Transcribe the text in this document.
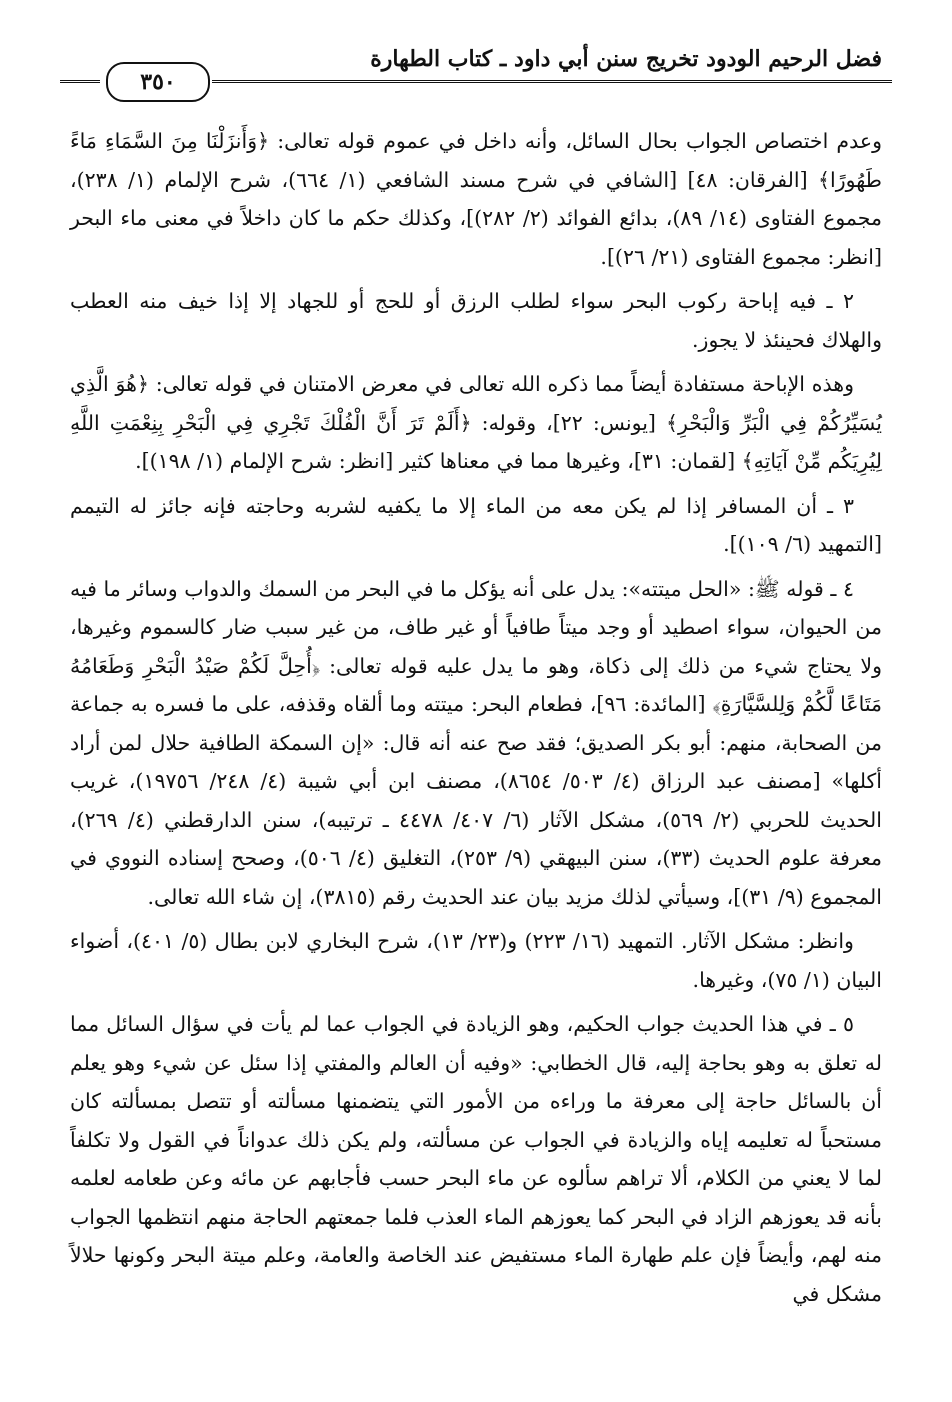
فضل الرحيم الودود تخريج سنن أبي داود ـ كتاب الطهارة
٣٥٠

وعدم اختصاص الجواب بحال السائل، وأنه داخل في عموم قوله تعالى: ﴿وَأَنزَلْنَا مِنَ السَّمَاءِ مَاءً طَهُورًا﴾ [الفرقان: ٤٨] [الشافي في شرح مسند الشافعي (١/ ٦٦٤)، شرح الإلمام (١/ ٢٣٨)، مجموع الفتاوى (١٤/ ٨٩)، بدائع الفوائد (٢/ ٢٨٢)]، وكذلك حكم ما كان داخلاً في معنى ماء البحر [انظر: مجموع الفتاوى (٢١/ ٢٦)].

٢ ـ فيه إباحة ركوب البحر سواء لطلب الرزق أو للحج أو للجهاد إلا إذا خيف منه العطب والهلاك فحينئذ لا يجوز.

وهذه الإباحة مستفادة أيضاً مما ذكره الله تعالى في معرض الامتنان في قوله تعالى: ﴿هُوَ الَّذِي يُسَيِّرُكُمْ فِي الْبَرِّ وَالْبَحْرِ﴾ [يونس: ٢٢]، وقوله: ﴿أَلَمْ تَرَ أَنَّ الْفُلْكَ تَجْرِي فِي الْبَحْرِ بِنِعْمَتِ اللَّهِ لِيُرِيَكُم مِّنْ آيَاتِهِ﴾ [لقمان: ٣١]، وغيرها مما في معناها كثير [انظر: شرح الإلمام (١/ ١٩٨)].

٣ ـ أن المسافر إذا لم يكن معه من الماء إلا ما يكفيه لشربه وحاجته فإنه جائز له التيمم [التمهيد (٦/ ١٠٩)].

٤ ـ قوله ﷺ: «الحل ميتته»: يدل على أنه يؤكل ما في البحر من السمك والدواب وسائر ما فيه من الحيوان، سواء اصطيد أو وجد ميتاً طافياً أو غير طاف، من غير سبب ضار كالسموم وغيرها، ولا يحتاج شيء من ذلك إلى ذكاة، وهو ما يدل عليه قوله تعالى: ﴿أُحِلَّ لَكُمْ صَيْدُ الْبَحْرِ وَطَعَامُهُ مَتَاعًا لَّكُمْ وَلِلسَّيَّارَةِ﴾ [المائدة: ٩٦]، فطعام البحر: ميتته وما ألقاه وقذفه، على ما فسره به جماعة من الصحابة، منهم: أبو بكر الصديق؛ فقد صح عنه أنه قال: «إن السمكة الطافية حلال لمن أراد أكلها» [مصنف عبد الرزاق (٤/ ٥٠٣/ ٨٦٥٤)، مصنف ابن أبي شيبة (٤/ ٢٤٨/ ١٩٧٥٦)، غريب الحديث للحربي (٢/ ٥٦٩)، مشكل الآثار (٦/ ٤٠٧/ ٤٤٧٨ ـ ترتيبه)، سنن الدارقطني (٤/ ٢٦٩)، معرفة علوم الحديث (٣٣)، سنن البيهقي (٩/ ٢٥٣)، التغليق (٤/ ٥٠٦)، وصحح إسناده النووي في المجموع (٩/ ٣١)]، وسيأتي لذلك مزيد بيان عند الحديث رقم (٣٨١٥)، إن شاء الله تعالى.

وانظر: مشكل الآثار. التمهيد (١٦/ ٢٢٣) و(٢٣/ ١٣)، شرح البخاري لابن بطال (٥/ ٤٠١)، أضواء البيان (١/ ٧٥)، وغيرها.

٥ ـ في هذا الحديث جواب الحكيم، وهو الزيادة في الجواب عما لم يأت في سؤال السائل مما له تعلق به وهو بحاجة إليه، قال الخطابي: «وفيه أن العالم والمفتي إذا سئل عن شيء وهو يعلم أن بالسائل حاجة إلى معرفة ما وراءه من الأمور التي يتضمنها مسألته أو تتصل بمسألته كان مستحباً له تعليمه إياه والزيادة في الجواب عن مسألته، ولم يكن ذلك عدواناً في القول ولا تكلفاً لما لا يعني من الكلام، ألا تراهم سألوه عن ماء البحر حسب فأجابهم عن مائه وعن طعامه لعلمه بأنه قد يعوزهم الزاد في البحر كما يعوزهم الماء العذب فلما جمعتهم الحاجة منهم انتظمها الجواب منه لهم، وأيضاً فإن علم طهارة الماء مستفيض عند الخاصة والعامة، وعلم ميتة البحر وكونها حلالاً مشكل في
